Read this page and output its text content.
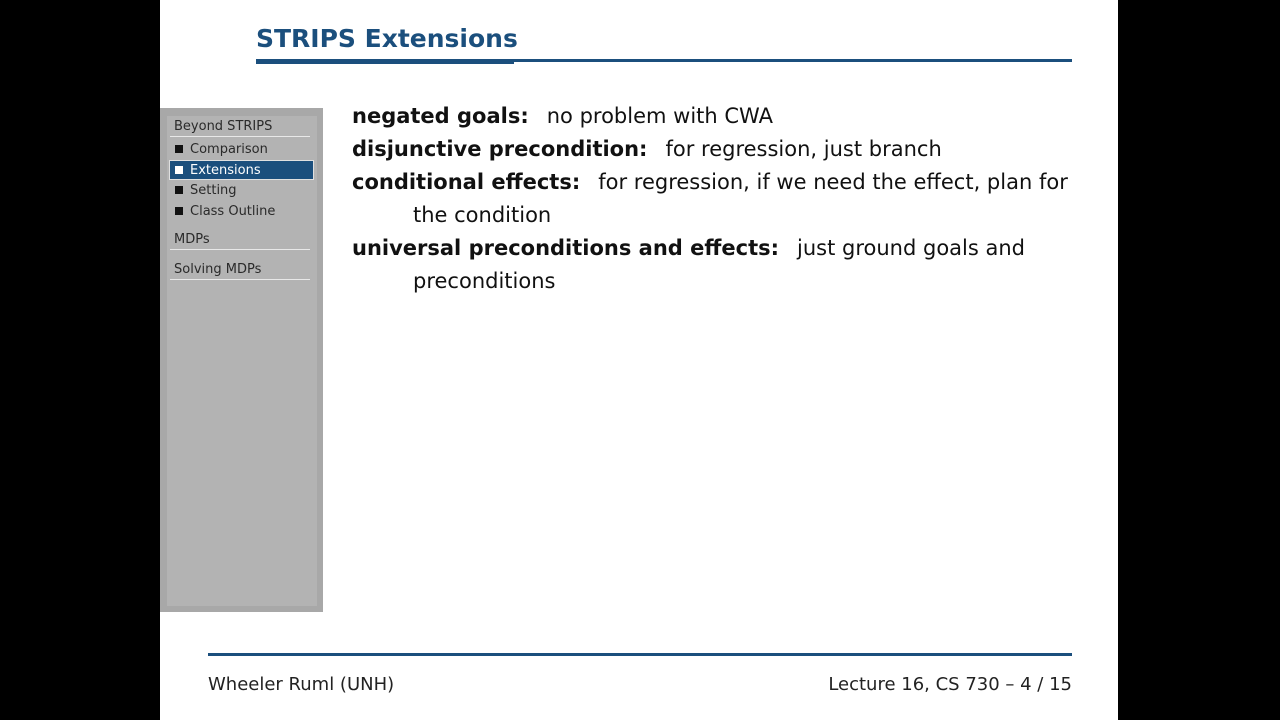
STRIPS Extensions
Beyond STRIPS
Comparison
Extensions
Setting
Class Outline
MDPs
Solving MDPs

negated goals: no problem with CWA

disjunctive precondition: for regression, just branch

conditional effects: for regression, if we need the effect, plan for the condition

universal preconditions and effects: just ground goals and preconditions

Wheeler Ruml (UNH)	Lecture 16, CS 730 – 4 / 15
